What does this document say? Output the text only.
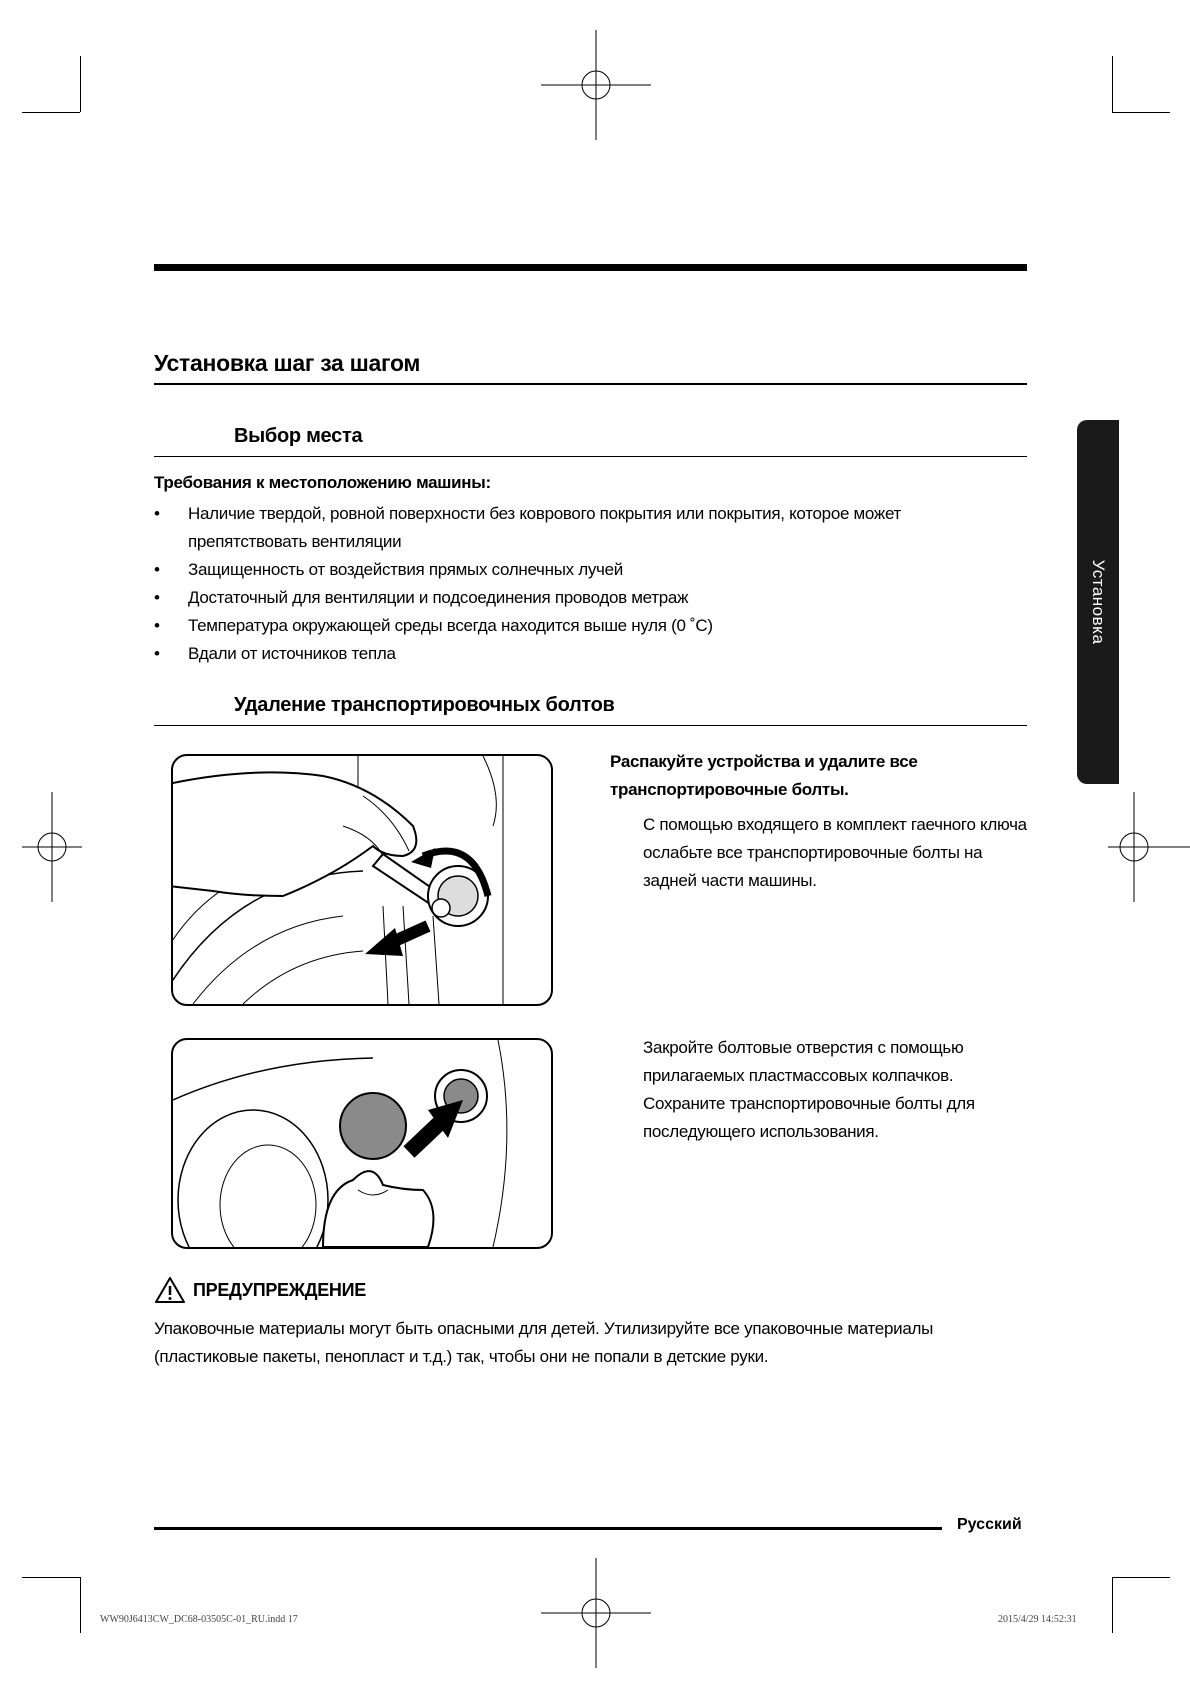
Установка шаг за шагом
Выбор места
Требования к местоположению машины:
• Наличие твердой, ровной поверхности без коврового покрытия или покрытия, которое может препятствовать вентиляции
• Защищенность от воздействия прямых солнечных лучей
• Достаточный для вентиляции и подсоединения проводов метраж
• Температура окружающей среды всегда находится выше нуля (0 ˚C)
• Вдали от источников тепла
Удаление транспортировочных болтов
Распакуйте устройства и удалите все транспортировочные болты.
С помощью входящего в комплект гаечного ключа ослабьте все транспортировочные болты на задней части машины.
Закройте болтовые отверстия с помощью прилагаемых пластмассовых колпачков. Сохраните транспортировочные болты для последующего использования.
ПРЕДУПРЕЖДЕНИЕ
Упаковочные материалы могут быть опасными для детей. Утилизируйте все упаковочные материалы (пластиковые пакеты, пенопласт и т.д.) так, чтобы они не попали в детские руки.
Установка
Русский
WW90J6413CW_DC68-03505C-01_RU.indd 17	2015/4/29 14:52:31
